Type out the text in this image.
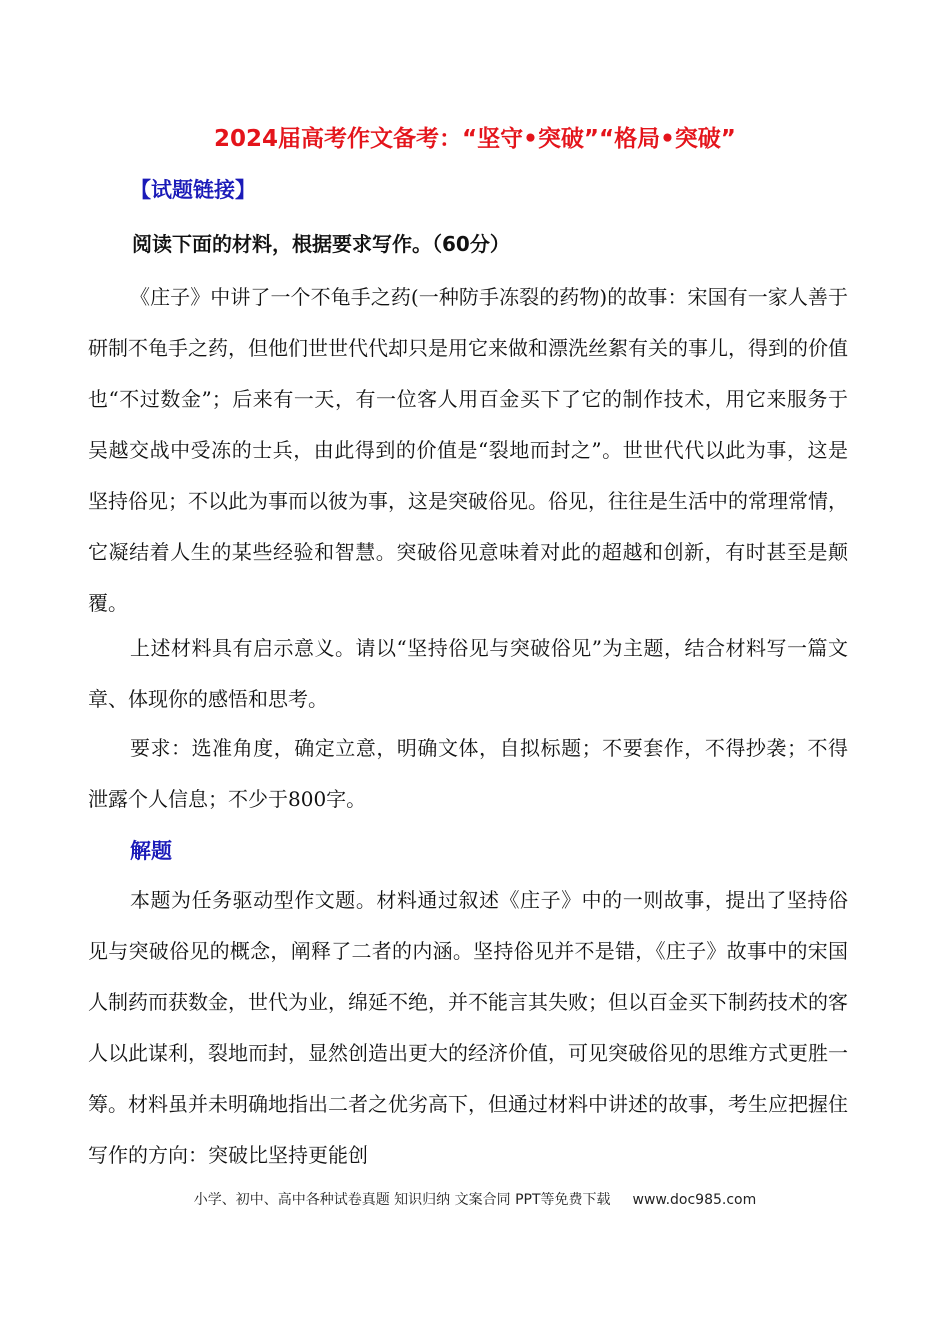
2024届高考作文备考：“坚守•突破”“格局•突破”
【试题链接】
阅读下面的材料，根据要求写作。（60分）

《庄子》中讲了一个不龟手之药(一种防手冻裂的药物)的故事：宋国有一家人善于研制不龟手之药，但他们世世代代却只是用它来做和漂洗丝絮有关的事儿，得到的价值也“不过数金”；后来有一天，有一位客人用百金买下了它的制作技术，用它来服务于吴越交战中受冻的士兵，由此得到的价值是“裂地而封之”。世世代代以此为事，这是坚持俗见；不以此为事而以彼为事，这是突破俗见。俗见，往往是生活中的常理常情，它凝结着人生的某些经验和智慧。突破俗见意味着对此的超越和创新，有时甚至是颠覆。

上述材料具有启示意义。请以“坚持俗见与突破俗见”为主题，结合材料写一篇文章、体现你的感悟和思考。

要求：选准角度，确定立意，明确文体，自拟标题；不要套作，不得抄袭；不得泄露个人信息；不少于800字。

解题

本题为任务驱动型作文题。材料通过叙述《庄子》中的一则故事，提出了坚持俗见与突破俗见的概念，阐释了二者的内涵。坚持俗见并不是错，《庄子》故事中的宋国人制药而获数金，世代为业，绵延不绝，并不能言其失败；但以百金买下制药技术的客人以此谋利，裂地而封，显然创造出更大的经济价值，可见突破俗见的思维方式更胜一筹。材料虽并未明确地指出二者之优劣高下，但通过材料中讲述的故事，考生应把握住写作的方向：突破比坚持更能创

小学、初中、高中各种试卷真题 知识归纳 文案合同 PPT等免费下载 www.doc985.com
